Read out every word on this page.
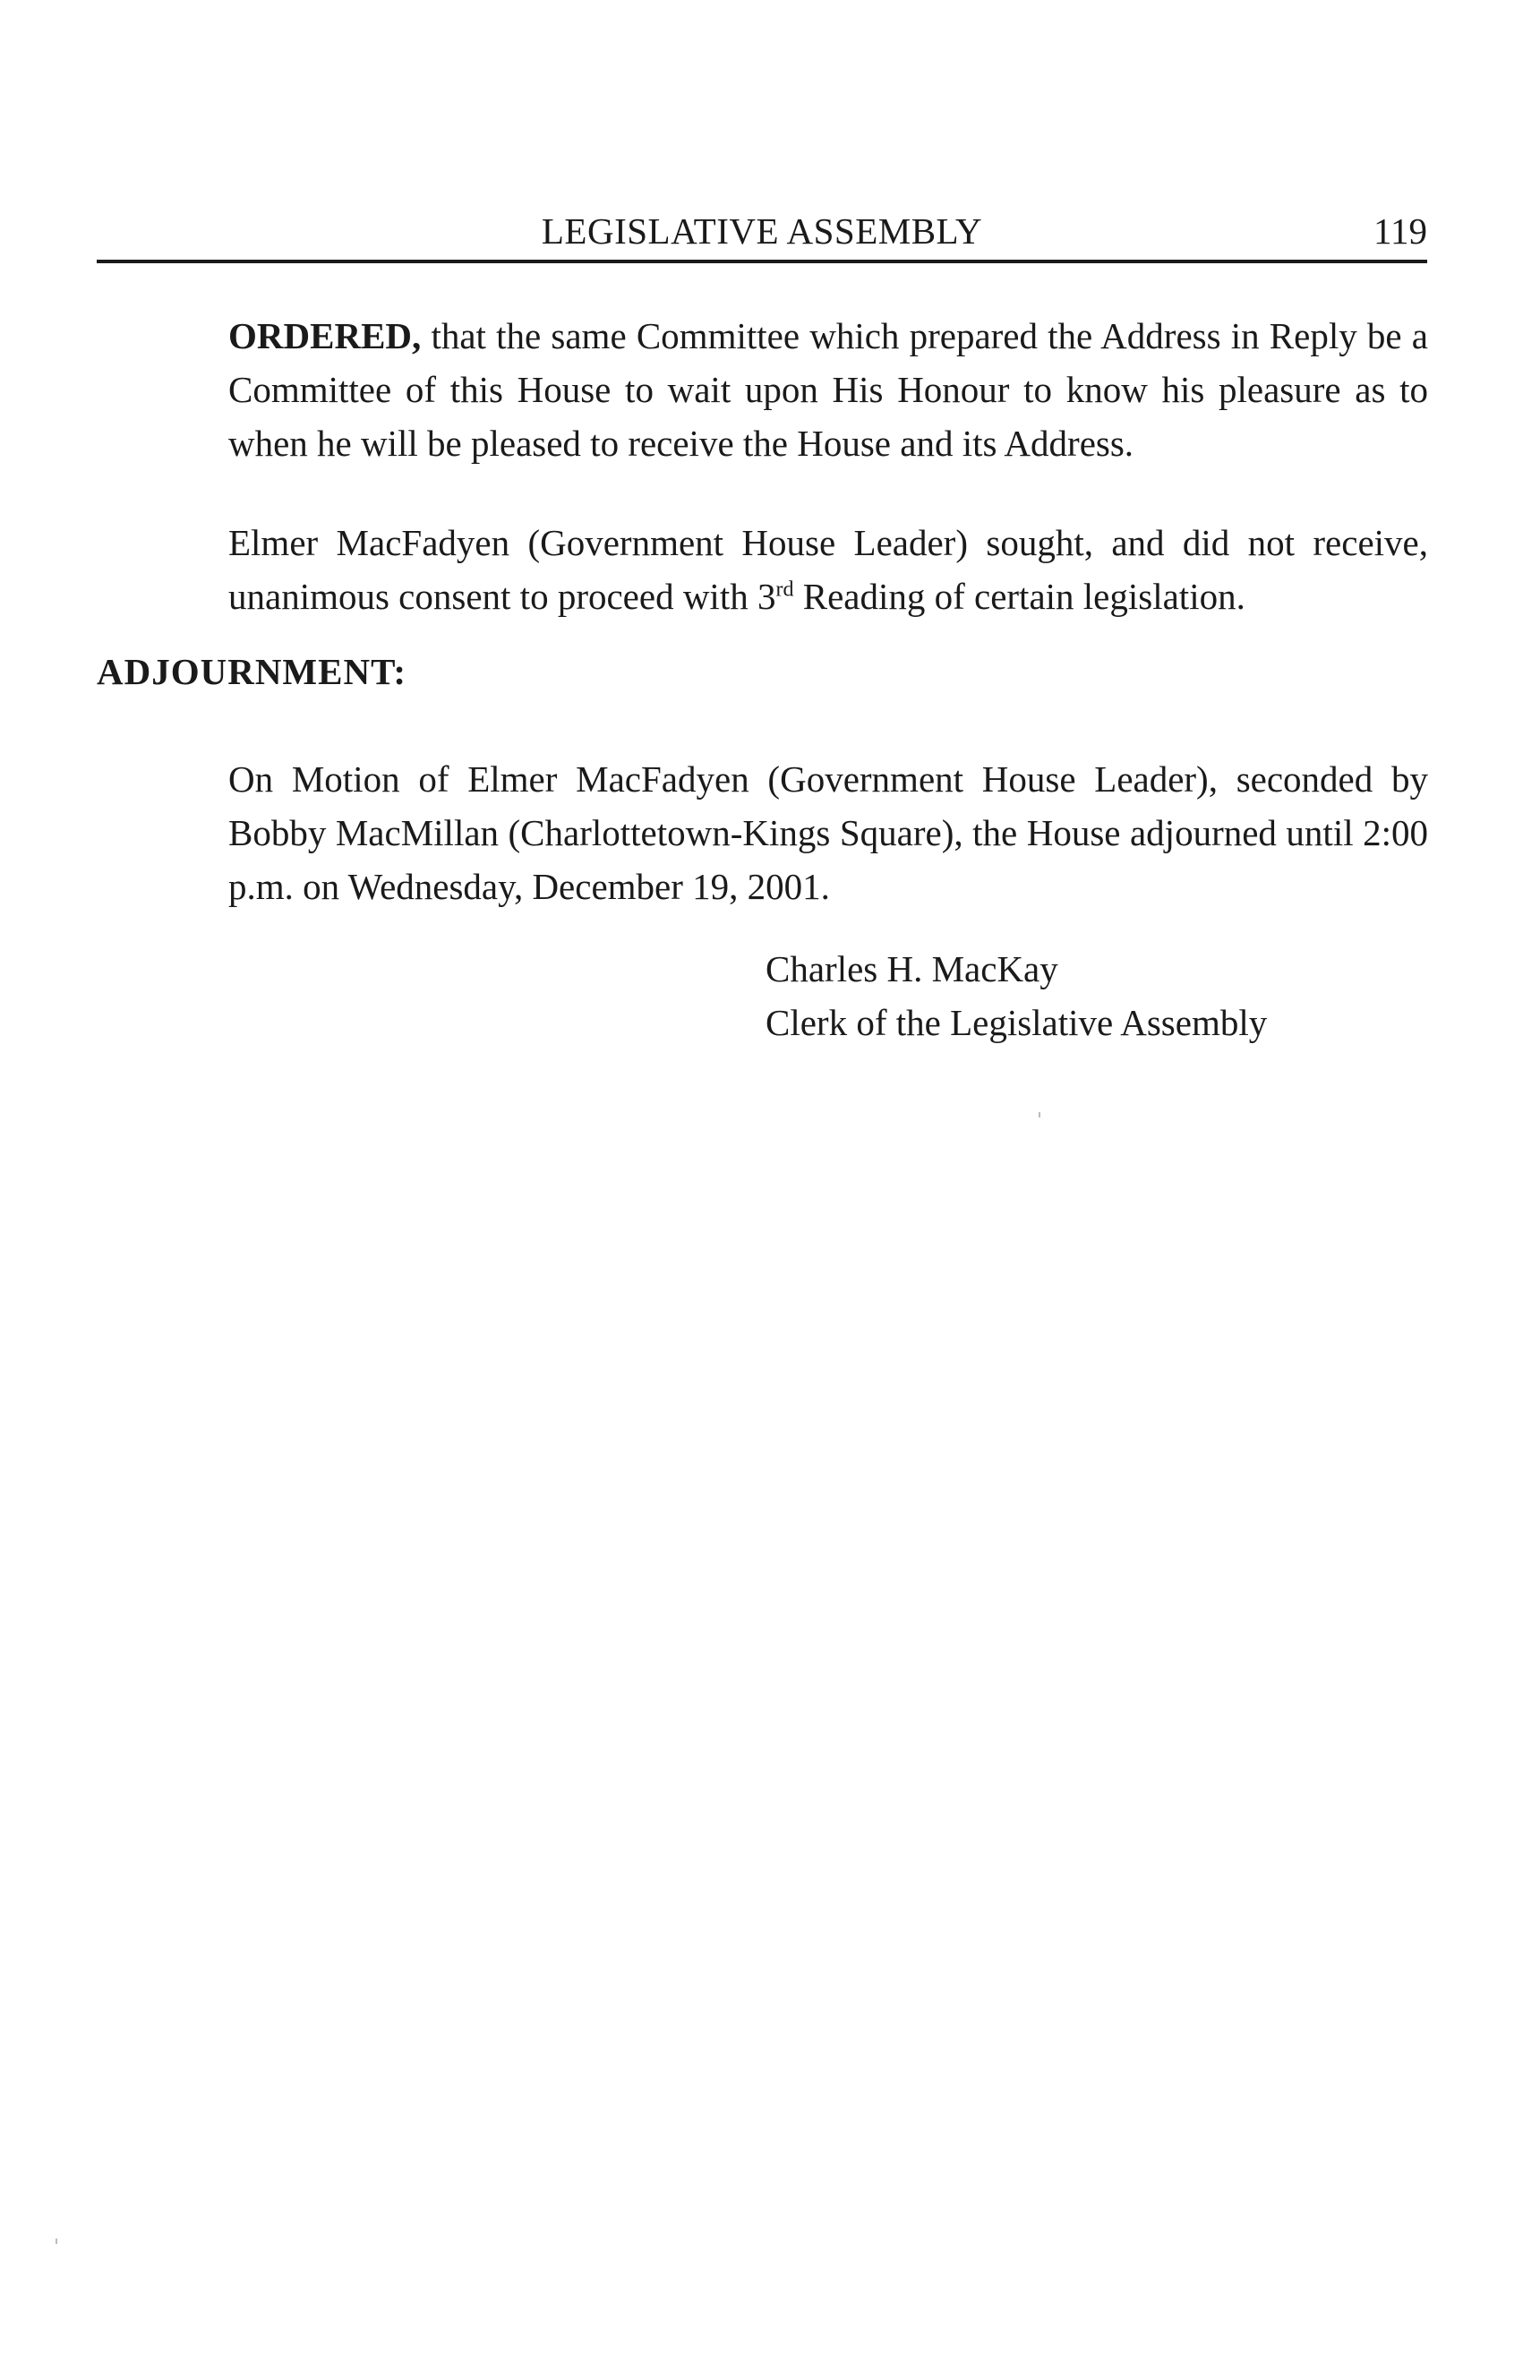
LEGISLATIVE ASSEMBLY	119
ORDERED, that the same Committee which prepared the Address in Reply be a Committee of this House to wait upon His Honour to know his pleasure as to when he will be pleased to receive the House and its Address.
Elmer MacFadyen (Government House Leader) sought, and did not receive, unanimous consent to proceed with 3rd Reading of certain legislation.
ADJOURNMENT:
On Motion of Elmer MacFadyen (Government House Leader), seconded by Bobby MacMillan (Charlottetown-Kings Square), the House adjourned until 2:00 p.m. on Wednesday, December 19, 2001.
Charles H. MacKay
Clerk of the Legislative Assembly
